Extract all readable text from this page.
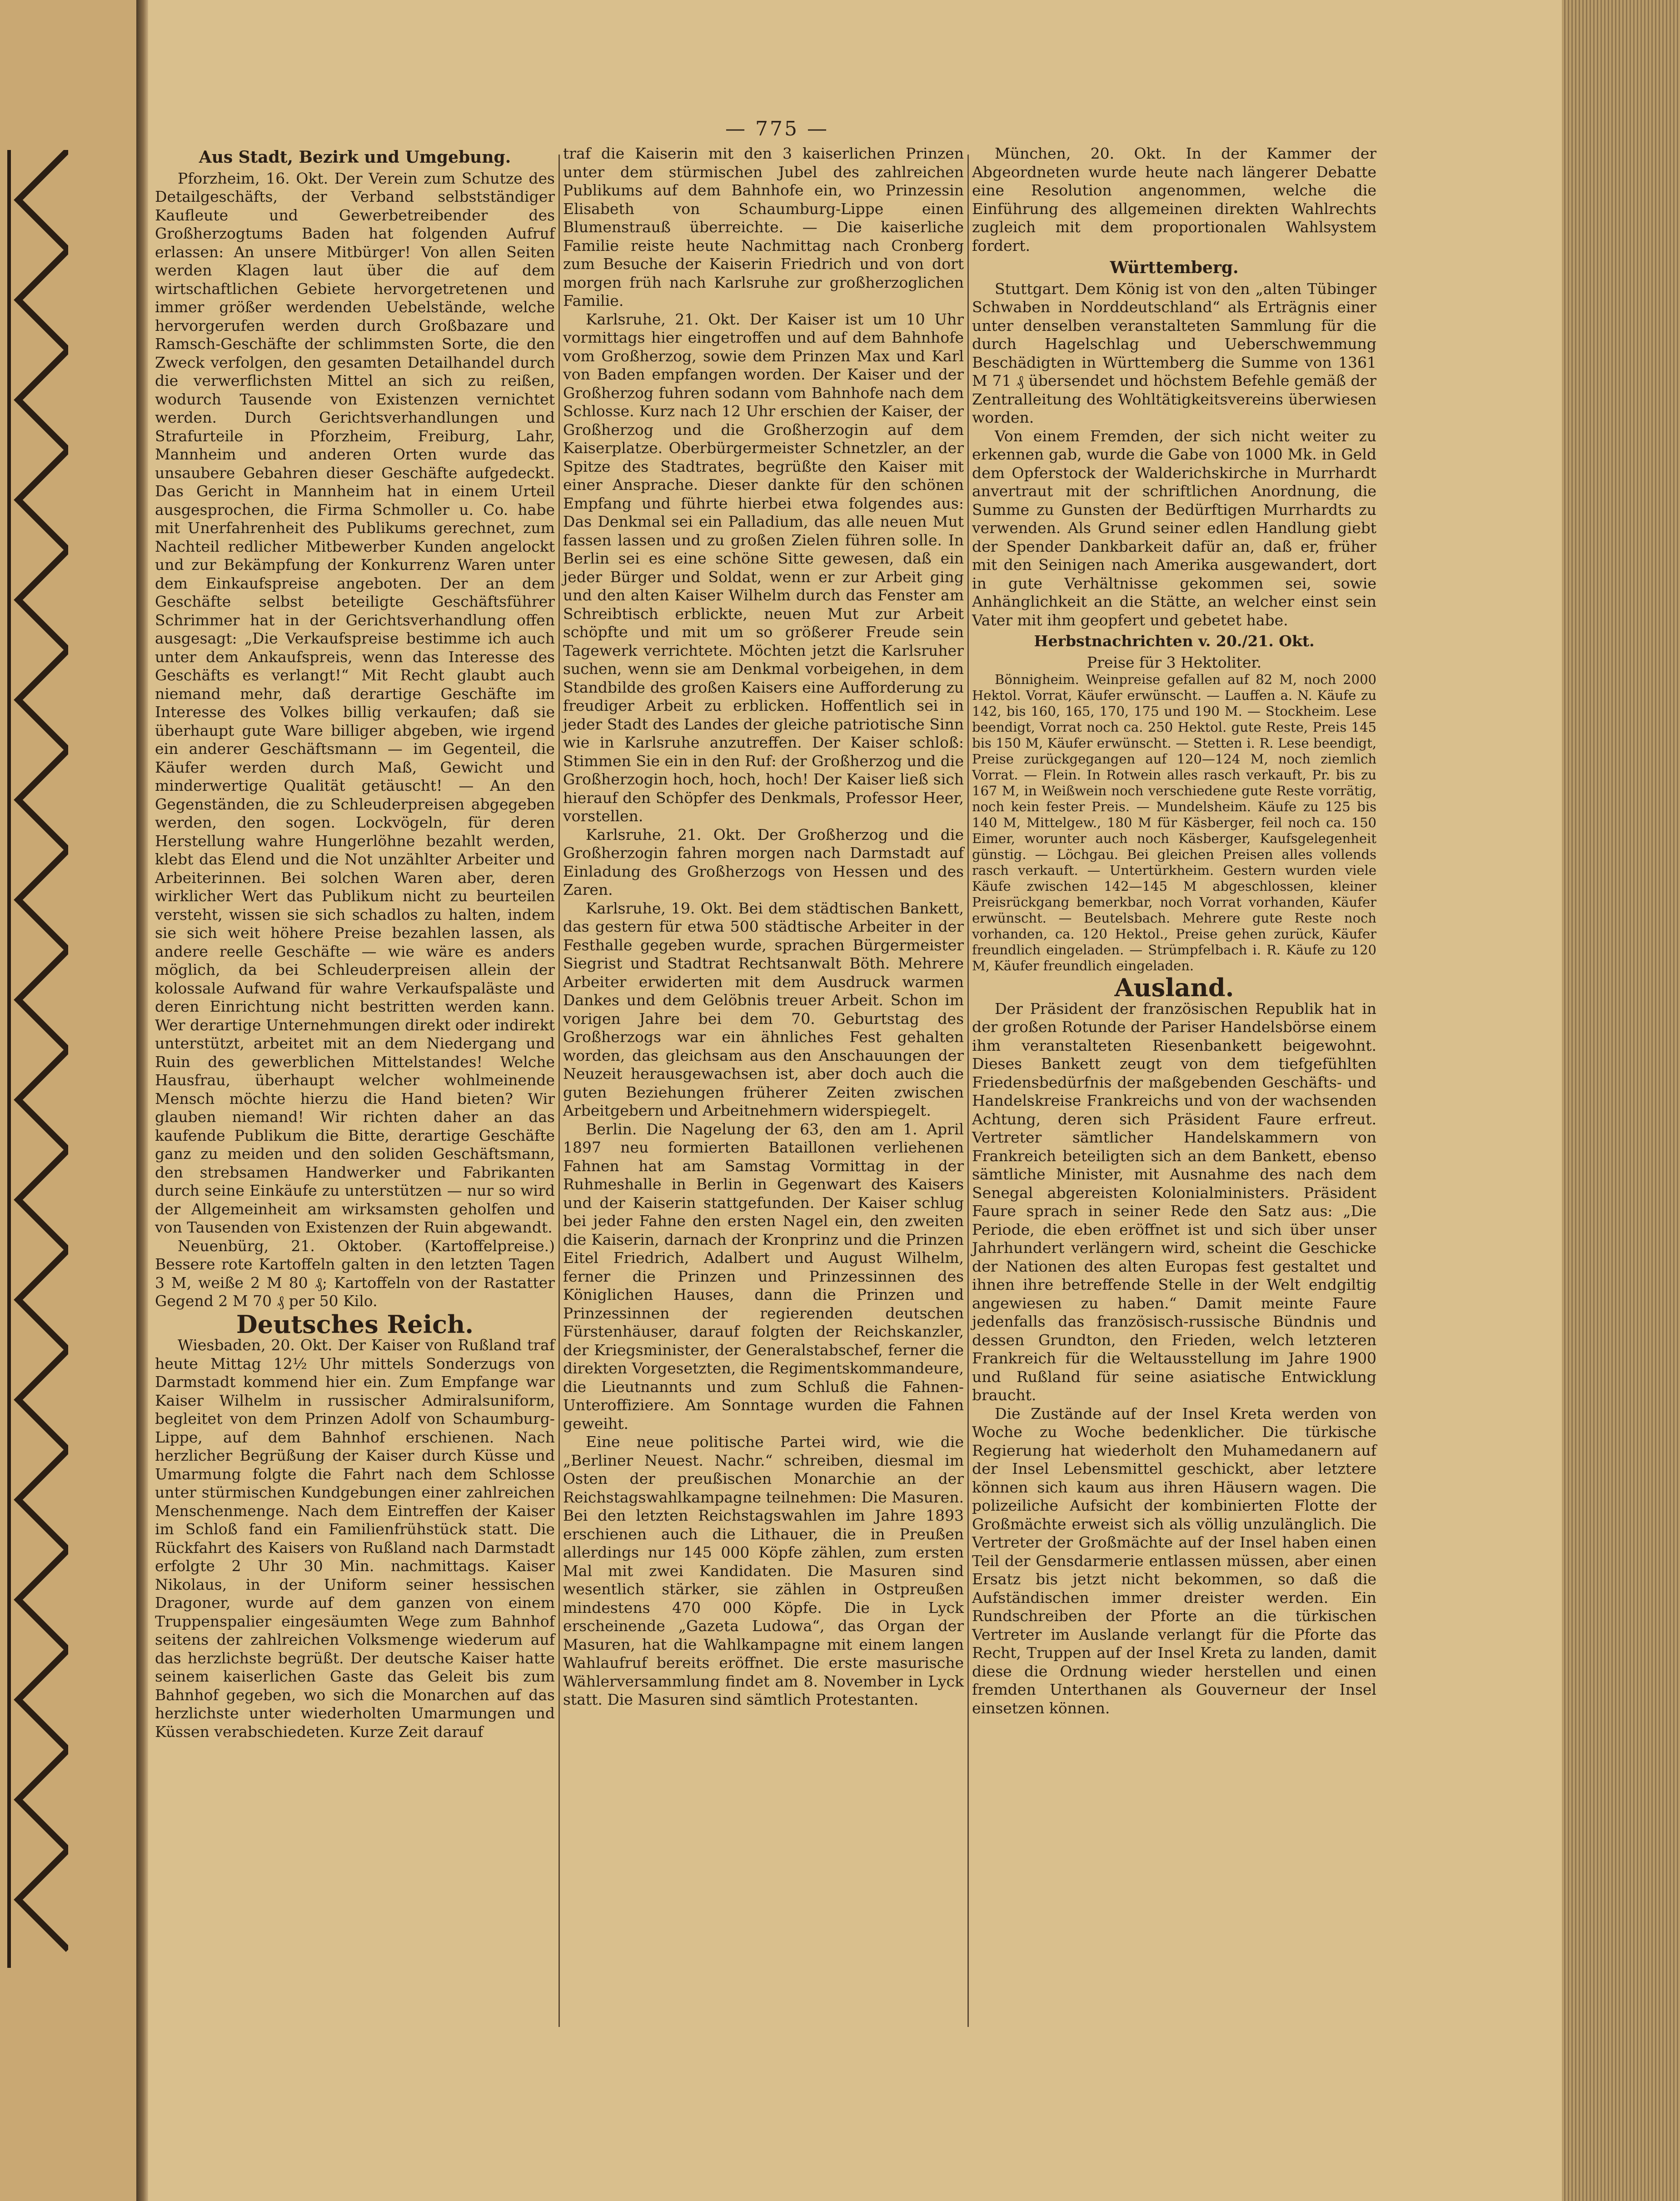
— 775 —
Aus Stadt, Bezirk und Umgebung.

Pforzheim, 16. Okt. Der Verein zum Schutze des Detailgeschäfts, der Verband selbstständiger Kaufleute und Gewerbetreibender des Großherzogtums Baden hat folgenden Aufruf erlassen: An unsere Mitbürger! Von allen Seiten werden Klagen laut über die auf dem wirtschaftlichen Gebiete hervorgetretenen und immer größer werdenden Uebelstände, welche hervorgerufen werden durch Großbazare und Ramsch-Geschäfte der schlimmsten Sorte, die den Zweck verfolgen, den gesamten Detailhandel durch die verwerflichsten Mittel an sich zu reißen, wodurch Tausende von Existenzen vernichtet werden. Durch Gerichtsverhandlungen und Strafurteile in Pforzheim, Freiburg, Lahr, Mannheim und anderen Orten wurde das unsaubere Gebahren dieser Geschäfte aufgedeckt. Das Gericht in Mannheim hat in einem Urteil ausgesprochen, die Firma Schmoller u. Co. habe mit Unerfahrenheit des Publikums gerechnet, zum Nachteil redlicher Mitbewerber Kunden angelockt und zur Bekämpfung der Konkurrenz Waren unter dem Einkaufspreise angeboten. Der an dem Geschäfte selbst beteiligte Geschäftsführer Schrimmer hat in der Gerichtsverhandlung offen ausgesagt: „Die Verkaufspreise bestimme ich auch unter dem Ankaufspreis, wenn das Interesse des Geschäfts es verlangt!“ Mit Recht glaubt auch niemand mehr, daß derartige Geschäfte im Interesse des Volkes billig verkaufen; daß sie überhaupt gute Ware billiger abgeben, wie irgend ein anderer Geschäftsmann — im Gegenteil, die Käufer werden durch Maß, Gewicht und minderwertige Qualität getäuscht! — An den Gegenständen, die zu Schleuderpreisen abgegeben werden, den sogen. Lockvögeln, für deren Herstellung wahre Hungerlöhne bezahlt werden, klebt das Elend und die Not unzählter Arbeiter und Arbeiterinnen. Bei solchen Waren aber, deren wirklicher Wert das Publikum nicht zu beurteilen versteht, wissen sie sich schadlos zu halten, indem sie sich weit höhere Preise bezahlen lassen, als andere reelle Geschäfte — wie wäre es anders möglich, da bei Schleuderpreisen allein der kolossale Aufwand für wahre Verkaufspaläste und deren Einrichtung nicht bestritten werden kann. Wer derartige Unternehmungen direkt oder indirekt unterstützt, arbeitet mit an dem Niedergang und Ruin des gewerblichen Mittelstandes! Welche Hausfrau, überhaupt welcher wohlmeinende Mensch möchte hierzu die Hand bieten? Wir glauben niemand! Wir richten daher an das kaufende Publikum die Bitte, derartige Geschäfte ganz zu meiden und den soliden Geschäftsmann, den strebsamen Handwerker und Fabrikanten durch seine Einkäufe zu unterstützen — nur so wird der Allgemeinheit am wirksamsten geholfen und von Tausenden von Existenzen der Ruin abgewandt.

Neuenbürg, 21. Oktober. (Kartoffelpreise.) Bessere rote Kartoffeln galten in den letzten Tagen 3 M, weiße 2 M 80 ₰; Kartoffeln von der Rastatter Gegend 2 M 70 ₰ per 50 Kilo.

Deutsches Reich.

Wiesbaden, 20. Okt. Der Kaiser von Rußland traf heute Mittag 12½ Uhr mittels Sonderzugs von Darmstadt kommend hier ein. Zum Empfange war Kaiser Wilhelm in russischer Admiralsuniform, begleitet von dem Prinzen Adolf von Schaumburg-Lippe, auf dem Bahnhof erschienen. Nach herzlicher Begrüßung der Kaiser durch Küsse und Umarmung folgte die Fahrt nach dem Schlosse unter stürmischen Kundgebungen einer zahlreichen Menschenmenge. Nach dem Eintreffen der Kaiser im Schloß fand ein Familienfrühstück statt. Die Rückfahrt des Kaisers von Rußland nach Darmstadt erfolgte 2 Uhr 30 Min. nachmittags. Kaiser Nikolaus, in der Uniform seiner hessischen Dragoner, wurde auf dem ganzen von einem Truppenspalier eingesäumten Wege zum Bahnhof seitens der zahlreichen Volksmenge wiederum auf das herzlichste begrüßt. Der deutsche Kaiser hatte seinem kaiserlichen Gaste das Geleit bis zum Bahnhof gegeben, wo sich die Monarchen auf das herzlichste unter wiederholten Umarmungen und Küssen verabschiedeten. Kurze Zeit darauf

traf die Kaiserin mit den 3 kaiserlichen Prinzen unter dem stürmischen Jubel des zahlreichen Publikums auf dem Bahnhofe ein, wo Prinzessin Elisabeth von Schaumburg-Lippe einen Blumenstrauß überreichte. — Die kaiserliche Familie reiste heute Nachmittag nach Cronberg zum Besuche der Kaiserin Friedrich und von dort morgen früh nach Karlsruhe zur großherzoglichen Familie.

Karlsruhe, 21. Okt. Der Kaiser ist um 10 Uhr vormittags hier eingetroffen und auf dem Bahnhofe vom Großherzog, sowie dem Prinzen Max und Karl von Baden empfangen worden. Der Kaiser und der Großherzog fuhren sodann vom Bahnhofe nach dem Schlosse. Kurz nach 12 Uhr erschien der Kaiser, der Großherzog und die Großherzogin auf dem Kaiserplatze. Oberbürgermeister Schnetzler, an der Spitze des Stadtrates, begrüßte den Kaiser mit einer Ansprache. Dieser dankte für den schönen Empfang und führte hierbei etwa folgendes aus: Das Denkmal sei ein Palladium, das alle neuen Mut fassen lassen und zu großen Zielen führen solle. In Berlin sei es eine schöne Sitte gewesen, daß ein jeder Bürger und Soldat, wenn er zur Arbeit ging und den alten Kaiser Wilhelm durch das Fenster am Schreibtisch erblickte, neuen Mut zur Arbeit schöpfte und mit um so größerer Freude sein Tagewerk verrichtete. Möchten jetzt die Karlsruher suchen, wenn sie am Denkmal vorbeigehen, in dem Standbilde des großen Kaisers eine Aufforderung zu freudiger Arbeit zu erblicken. Hoffentlich sei in jeder Stadt des Landes der gleiche patriotische Sinn wie in Karlsruhe anzutreffen. Der Kaiser schloß: Stimmen Sie ein in den Ruf: der Großherzog und die Großherzogin hoch, hoch, hoch! Der Kaiser ließ sich hierauf den Schöpfer des Denkmals, Professor Heer, vorstellen.

Karlsruhe, 21. Okt. Der Großherzog und die Großherzogin fahren morgen nach Darmstadt auf Einladung des Großherzogs von Hessen und des Zaren.

Karlsruhe, 19. Okt. Bei dem städtischen Bankett, das gestern für etwa 500 städtische Arbeiter in der Festhalle gegeben wurde, sprachen Bürgermeister Siegrist und Stadtrat Rechtsanwalt Böth. Mehrere Arbeiter erwiderten mit dem Ausdruck warmen Dankes und dem Gelöbnis treuer Arbeit. Schon im vorigen Jahre bei dem 70. Geburtstag des Großherzogs war ein ähnliches Fest gehalten worden, das gleichsam aus den Anschauungen der Neuzeit herausgewachsen ist, aber doch auch die guten Beziehungen früherer Zeiten zwischen Arbeitgebern und Arbeitnehmern widerspiegelt.

Berlin. Die Nagelung der 63, den am 1. April 1897 neu formierten Bataillonen verliehenen Fahnen hat am Samstag Vormittag in der Ruhmeshalle in Berlin in Gegenwart des Kaisers und der Kaiserin stattgefunden. Der Kaiser schlug bei jeder Fahne den ersten Nagel ein, den zweiten die Kaiserin, darnach der Kronprinz und die Prinzen Eitel Friedrich, Adalbert und August Wilhelm, ferner die Prinzen und Prinzessinnen des Königlichen Hauses, dann die Prinzen und Prinzessinnen der regierenden deutschen Fürstenhäuser, darauf folgten der Reichskanzler, der Kriegsminister, der Generalstabschef, ferner die direkten Vorgesetzten, die Regimentskommandeure, die Lieutnannts und zum Schluß die Fahnen-Unteroffiziere. Am Sonntage wurden die Fahnen geweiht.

Eine neue politische Partei wird, wie die „Berliner Neuest. Nachr.“ schreiben, diesmal im Osten der preußischen Monarchie an der Reichstagswahlkampagne teilnehmen: Die Masuren. Bei den letzten Reichstagswahlen im Jahre 1893 erschienen auch die Lithauer, die in Preußen allerdings nur 145 000 Köpfe zählen, zum ersten Mal mit zwei Kandidaten. Die Masuren sind wesentlich stärker, sie zählen in Ostpreußen mindestens 470 000 Köpfe. Die in Lyck erscheinende „Gazeta Ludowa“, das Organ der Masuren, hat die Wahlkampagne mit einem langen Wahlaufruf bereits eröffnet. Die erste masurische Wählerversammlung findet am 8. November in Lyck statt. Die Masuren sind sämtlich Protestanten.

München, 20. Okt. In der Kammer der Abgeordneten wurde heute nach längerer Debatte eine Resolution angenommen, welche die Einführung des allgemeinen direkten Wahlrechts zugleich mit dem proportionalen Wahlsystem fordert.

Württemberg.

Stuttgart. Dem König ist von den „alten Tübinger Schwaben in Norddeutschland“ als Erträgnis einer unter denselben veranstalteten Sammlung für die durch Hagelschlag und Ueberschwemmung Beschädigten in Württemberg die Summe von 1361 M 71 ₰ übersendet und höchstem Befehle gemäß der Zentralleitung des Wohltätigkeitsvereins überwiesen worden.

Von einem Fremden, der sich nicht weiter zu erkennen gab, wurde die Gabe von 1000 Mk. in Geld dem Opferstock der Walderichskirche in Murrhardt anvertraut mit der schriftlichen Anordnung, die Summe zu Gunsten der Bedürftigen Murrhardts zu verwenden. Als Grund seiner edlen Handlung giebt der Spender Dankbarkeit dafür an, daß er, früher mit den Seinigen nach Amerika ausgewandert, dort in gute Verhältnisse gekommen sei, sowie Anhänglichkeit an die Stätte, an welcher einst sein Vater mit ihm geopfert und gebetet habe.

Herbstnachrichten v. 20./21. Okt.
Preise für 3 Hektoliter.

Bönnigheim. Weinpreise gefallen auf 82 M, noch 2000 Hektol. Vorrat, Käufer erwünscht. — Lauffen a. N. Käufe zu 142, bis 160, 165, 170, 175 und 190 M. — Stockheim. Lese beendigt, Vorrat noch ca. 250 Hektol. gute Reste, Preis 145 bis 150 M, Käufer erwünscht. — Stetten i. R. Lese beendigt, Preise zurückgegangen auf 120—124 M, noch ziemlich Vorrat. — Flein. In Rotwein alles rasch verkauft, Pr. bis zu 167 M, in Weißwein noch verschiedene gute Reste vorrätig, noch kein fester Preis. — Mundelsheim. Käufe zu 125 bis 140 M, Mittelgew., 180 M für Käsberger, feil noch ca. 150 Eimer, worunter auch noch Käsberger, Kaufsgelegenheit günstig. — Löchgau. Bei gleichen Preisen alles vollends rasch verkauft. — Untertürkheim. Gestern wurden viele Käufe zwischen 142—145 M abgeschlossen, kleiner Preisrückgang bemerkbar, noch Vorrat vorhanden, Käufer erwünscht. — Beutelsbach. Mehrere gute Reste noch vorhanden, ca. 120 Hektol., Preise gehen zurück, Käufer freundlich eingeladen. — Strümpfelbach i. R. Käufe zu 120 M, Käufer freundlich eingeladen.

Ausland.

Der Präsident der französischen Republik hat in der großen Rotunde der Pariser Handelsbörse einem ihm veranstalteten Riesenbankett beigewohnt. Dieses Bankett zeugt von dem tiefgefühlten Friedensbedürfnis der maßgebenden Geschäfts- und Handelskreise Frankreichs und von der wachsenden Achtung, deren sich Präsident Faure erfreut. Vertreter sämtlicher Handelskammern von Frankreich beteiligten sich an dem Bankett, ebenso sämtliche Minister, mit Ausnahme des nach dem Senegal abgereisten Kolonialministers. Präsident Faure sprach in seiner Rede den Satz aus: „Die Periode, die eben eröffnet ist und sich über unser Jahrhundert verlängern wird, scheint die Geschicke der Nationen des alten Europas fest gestaltet und ihnen ihre betreffende Stelle in der Welt endgiltig angewiesen zu haben.“ Damit meinte Faure jedenfalls das französisch-russische Bündnis und dessen Grundton, den Frieden, welch letzteren Frankreich für die Weltausstellung im Jahre 1900 und Rußland für seine asiatische Entwicklung braucht.

Die Zustände auf der Insel Kreta werden von Woche zu Woche bedenklicher. Die türkische Regierung hat wiederholt den Muhamedanern auf der Insel Lebensmittel geschickt, aber letztere können sich kaum aus ihren Häusern wagen. Die polizeiliche Aufsicht der kombinierten Flotte der Großmächte erweist sich als völlig unzulänglich. Die Vertreter der Großmächte auf der Insel haben einen Teil der Gensdarmerie entlassen müssen, aber einen Ersatz bis jetzt nicht bekommen, so daß die Aufständischen immer dreister werden. Ein Rundschreiben der Pforte an die türkischen Vertreter im Auslande verlangt für die Pforte das Recht, Truppen auf der Insel Kreta zu landen, damit diese die Ordnung wieder herstellen und einen fremden Unterthanen als Gouverneur der Insel einsetzen können.
